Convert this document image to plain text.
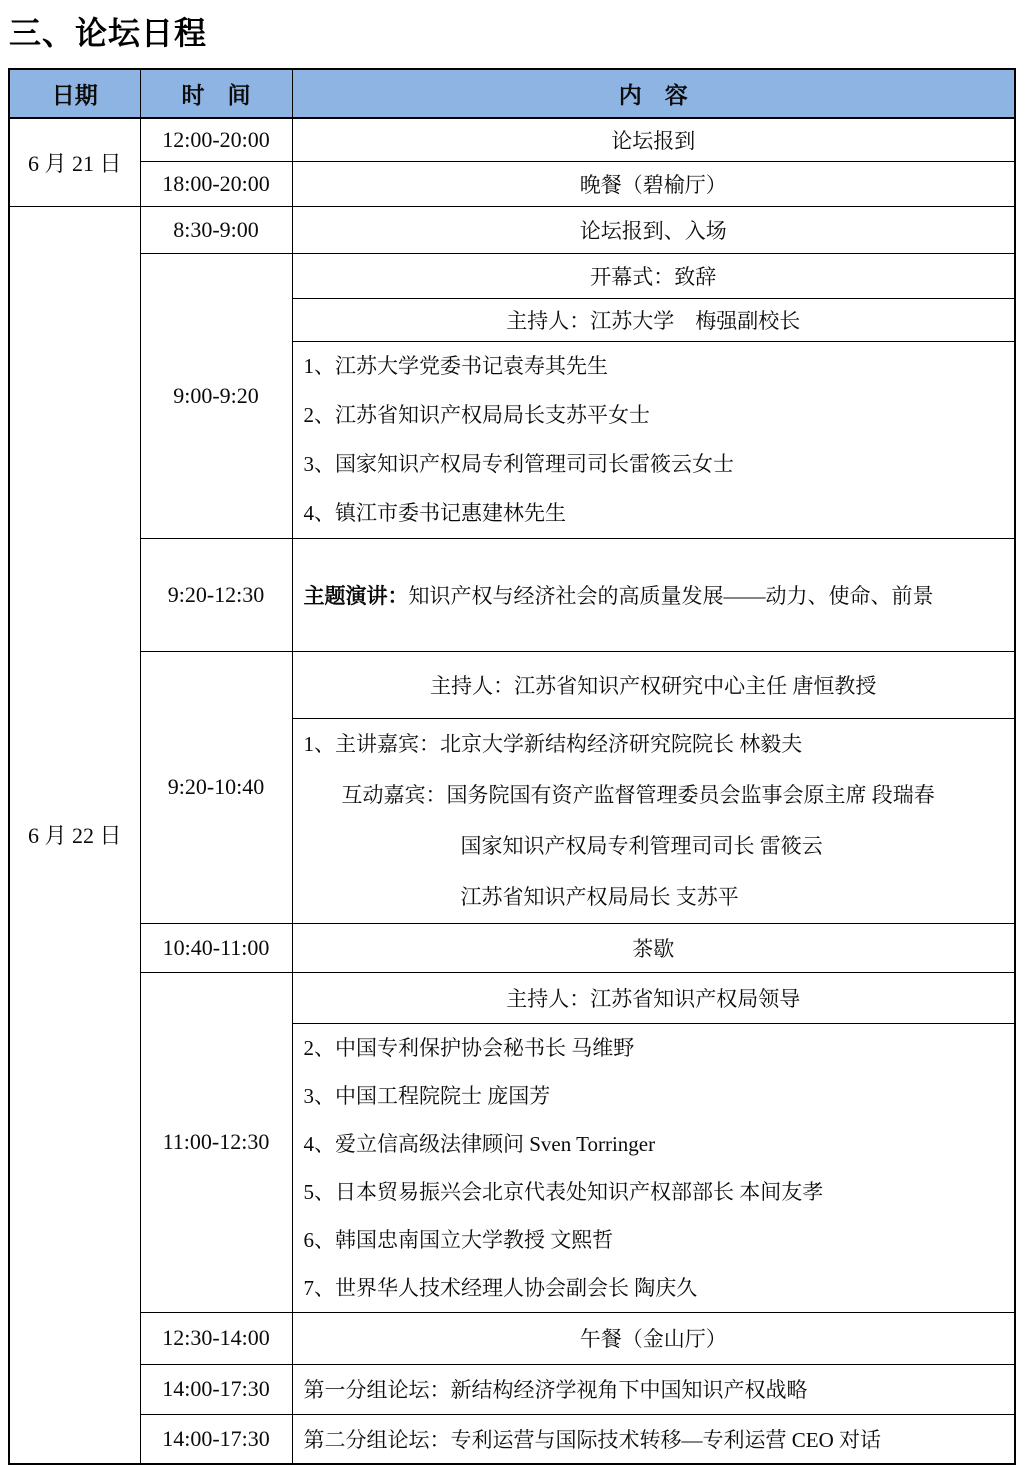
三、论坛日程
日期	时　间	内　容
6 月 21 日	12:00-20:00	论坛报到
	18:00-20:00	晚餐（碧榆厅）
6 月 22 日	8:30-9:00	论坛报到、入场
	9:00-9:20	开幕式：致辞
		主持人：江苏大学　梅强副校长

		1、江苏大学党委书记袁寿其先生
2、江苏省知识产权局局长支苏平女士
3、国家知识产权局专利管理司司长雷筱云女士
4、镇江市委书记惠建林先生

	9:20-12:30	主题演讲：知识产权与经济社会的高质量发展——动力、使命、前景
	9:20-10:40	主持人：江苏省知识产权研究中心主任 唐恒教授

		1、主讲嘉宾：北京大学新结构经济研究院院长 林毅夫
互动嘉宾：国务院国有资产监督管理委员会监事会原主席 段瑞春
国家知识产权局专利管理司司长 雷筱云
江苏省知识产权局局长 支苏平

	10:40-11:00	茶歇
	11:00-12:30	主持人：江苏省知识产权局领导

2、中国专利保护协会秘书长 马维野
3、中国工程院院士 庞国芳
4、爱立信高级法律顾问 Sven Torringer
5、日本贸易振兴会北京代表处知识产权部部长 本间友孝
6、韩国忠南国立大学教授 文熙哲
7、世界华人技术经理人协会副会长 陶庆久

	12:30-14:00	午餐（金山厅）
	14:00-17:30	第一分组论坛：新结构经济学视角下中国知识产权战略
	14:00-17:30	第二分组论坛：专利运营与国际技术转移—专利运营 CEO 对话
